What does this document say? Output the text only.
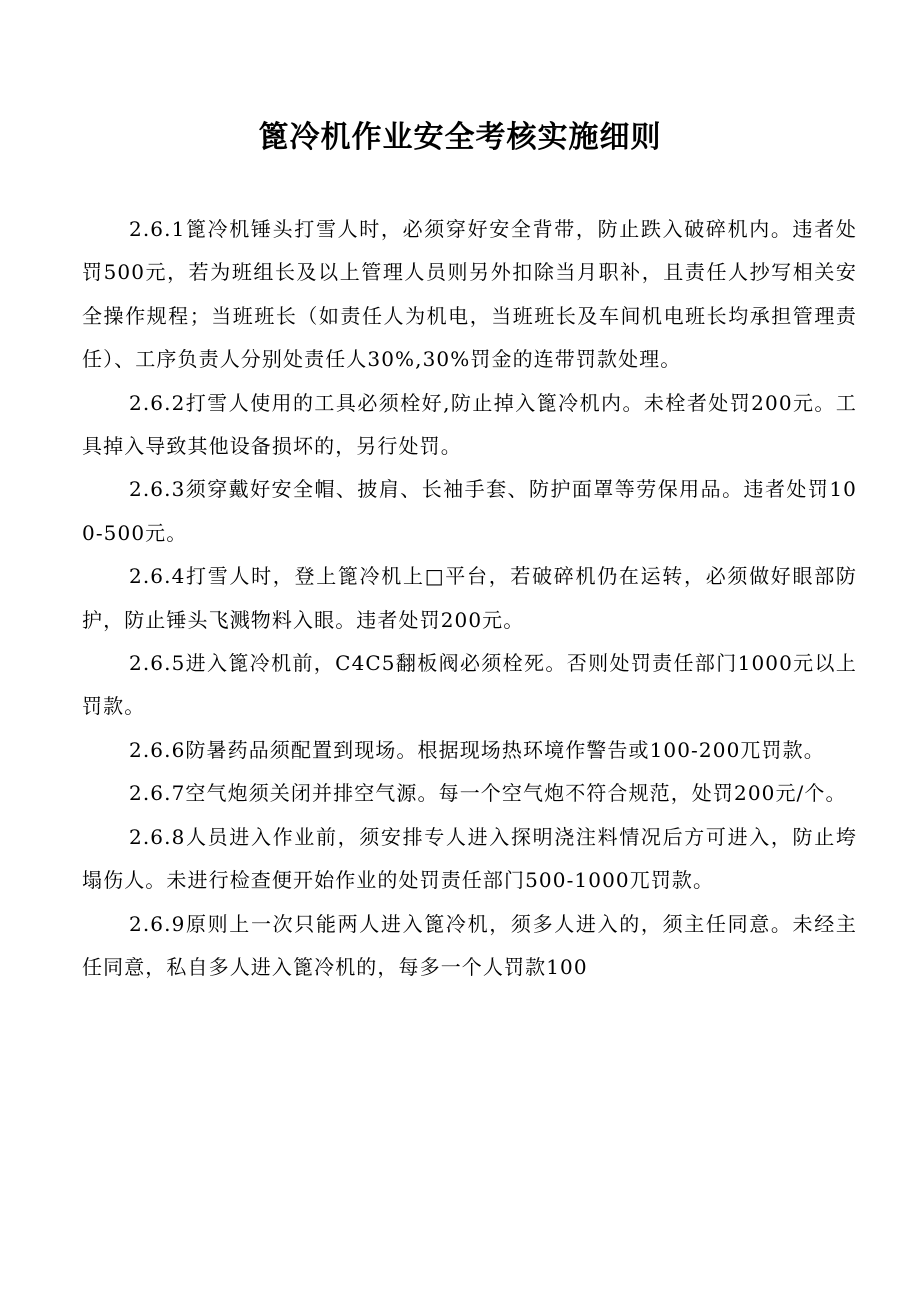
篦冷机作业安全考核实施细则

2.6.1篦冷机锤头打雪人时，必须穿好安全背带，防止跌入破碎机内。违者处罚500元，若为班组长及以上管理人员则另外扣除当月职补，且责任人抄写相关安全操作规程；当班班长（如责任人为机电，当班班长及车间机电班长均承担管理责任）、工序负责人分别处责任人30%,30%罚金的连带罚款处理。

2.6.2打雪人使用的工具必须栓好,防止掉入篦冷机内。未栓者处罚200元。工具掉入导致其他设备损坏的，另行处罚。

2.6.3须穿戴好安全帽、披肩、长袖手套、防护面罩等劳保用品。违者处罚100-500元。

2.6.4打雪人时，登上篦冷机上□平台，若破碎机仍在运转，必须做好眼部防护，防止锤头飞溅物料入眼。违者处罚200元。

2.6.5进入篦冷机前，C4C5翻板阀必须栓死。否则处罚责任部门1000元以上罚款。

2.6.6防暑药品须配置到现场。根据现场热环境作警告或100-200兀罚款。

2.6.7空气炮须关闭并排空气源。每一个空气炮不符合规范，处罚200元/个。

2.6.8人员进入作业前，须安排专人进入探明浇注料情况后方可进入，防止垮塌伤人。未进行检查便开始作业的处罚责任部门500-1000兀罚款。

2.6.9原则上一次只能两人进入篦冷机，须多人进入的，须主任同意。未经主任同意，私自多人进入篦冷机的，每多一个人罚款100
